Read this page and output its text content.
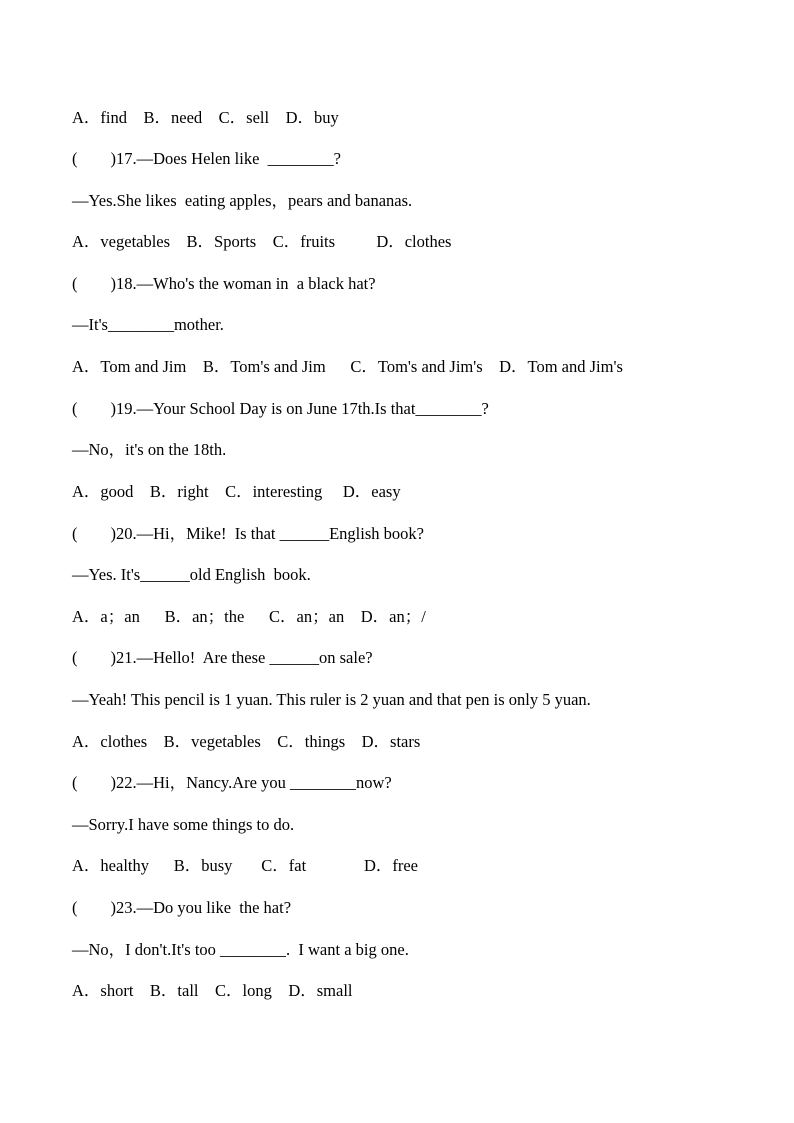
A．find    B．need    C．sell    D．buy
(        )17.—Does Helen like  ________?
—Yes.She likes  eating apples，pears and bananas.
A．vegetables    B．Sports    C．fruits          D．clothes
(        )18.—Who's the woman in  a black hat?
—It's________mother.
A．Tom and Jim    B．Tom's and Jim      C．Tom's and Jim's    D．Tom and Jim's
(        )19.—Your School Day is on June 17th.Is that________?
—No，it's on the 18th.
A．good    B．right    C．interesting     D．easy
(        )20.—Hi，Mike!  Is that ______English book?
—Yes. It's______old English  book.
A．a；an      B．an；the      C．an；an    D．an；/
(        )21.—Hello!  Are these ______on sale?
—Yeah! This pencil is 1 yuan. This ruler is 2 yuan and that pen is only 5 yuan.
A．clothes    B．vegetables    C．things    D．stars
(        )22.—Hi，Nancy.Are you ________now?
—Sorry.I have some things to do.
A．healthy      B．busy       C．fat              D．free
(        )23.—Do you like  the hat?
—No，I don't.It's too ________.  I want a big one.
A．short    B．tall    C．long    D．small
